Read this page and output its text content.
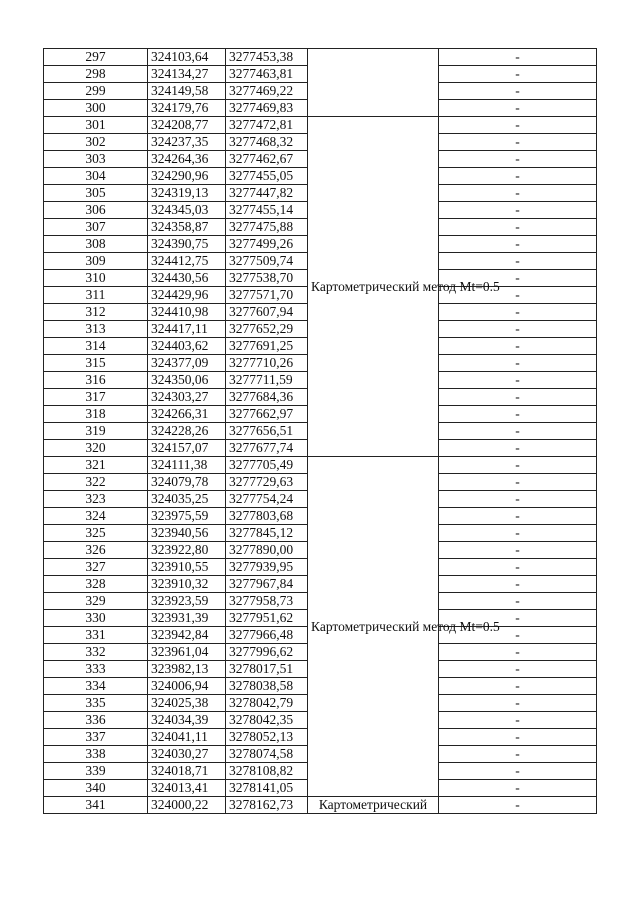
297	324103,64	3277453,38		-
298	324134,27	3277463,81		-
299	324149,58	3277469,22		-
300	324179,76	3277469,83		-
301	324208,77	3277472,81	Картометрический метод Mt=0.5	-
302	324237,35	3277468,32		-
303	324264,36	3277462,67		-
304	324290,96	3277455,05		-
305	324319,13	3277447,82		-
306	324345,03	3277455,14		-
307	324358,87	3277475,88		-
308	324390,75	3277499,26		-
309	324412,75	3277509,74		-
310	324430,56	3277538,70		-
311	324429,96	3277571,70		-
312	324410,98	3277607,94		-
313	324417,11	3277652,29		-
314	324403,62	3277691,25		-
315	324377,09	3277710,26		-
316	324350,06	3277711,59		-
317	324303,27	3277684,36		-
318	324266,31	3277662,97		-
319	324228,26	3277656,51		-
320	324157,07	3277677,74		-
321	324111,38	3277705,49	Картометрический метод Mt=0.5	-
322	324079,78	3277729,63		-
323	324035,25	3277754,24		-
324	323975,59	3277803,68		-
325	323940,56	3277845,12		-
326	323922,80	3277890,00		-
327	323910,55	3277939,95		-
328	323910,32	3277967,84		-
329	323923,59	3277958,73		-
330	323931,39	3277951,62		-
331	323942,84	3277966,48		-
332	323961,04	3277996,62		-
333	323982,13	3278017,51		-
334	324006,94	3278038,58		-
335	324025,38	3278042,79		-
336	324034,39	3278042,35		-
337	324041,11	3278052,13		-
338	324030,27	3278074,58		-
339	324018,71	3278108,82		-
340	324013,41	3278141,05		-
341	324000,22	3278162,73	Картометрический	-
